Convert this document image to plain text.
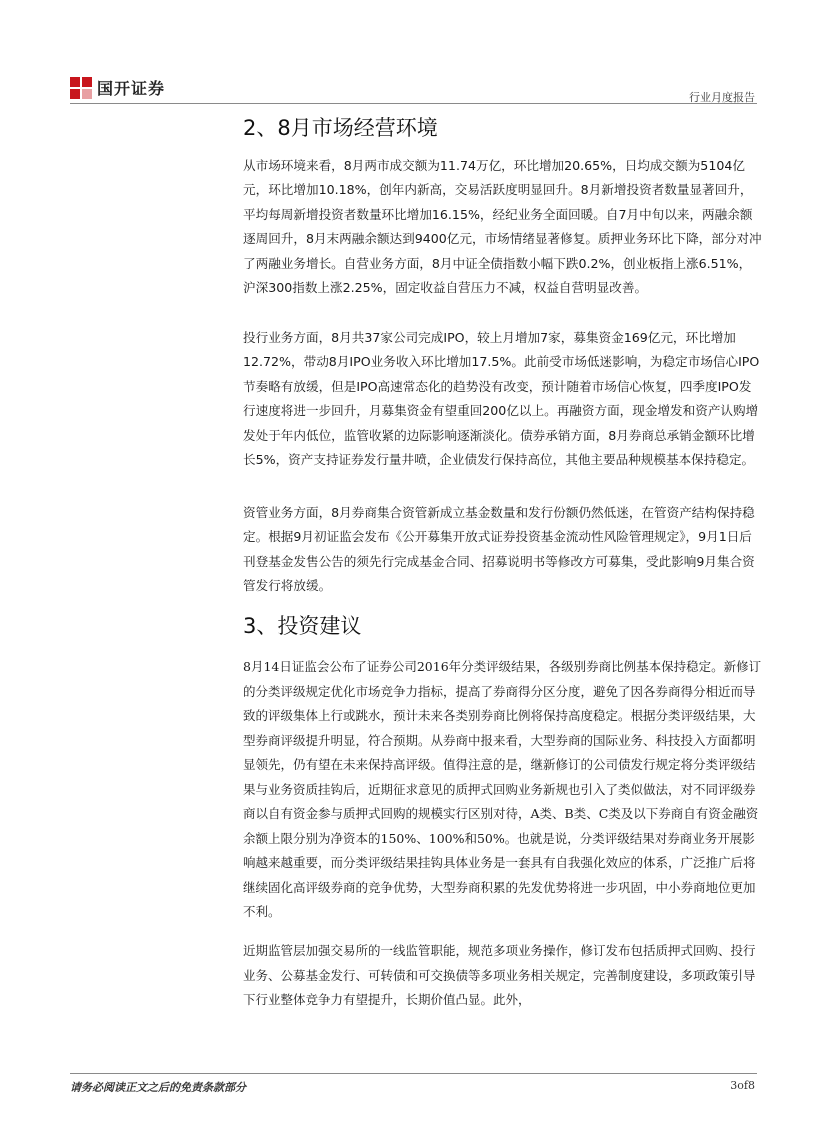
国开证券	行业月度报告
2、8月市场经营环境

从市场环境来看，8月两市成交额为11.74万亿，环比增加20.65%，日均成交额为5104亿元，环比增加10.18%，创年内新高，交易活跃度明显回升。8月新增投资者数量显著回升，平均每周新增投资者数量环比增加16.15%，经纪业务全面回暖。自7月中旬以来，两融余额逐周回升，8月末两融余额达到9400亿元，市场情绪显著修复。质押业务环比下降，部分对冲了两融业务增长。自营业务方面，8月中证全债指数小幅下跌0.2%，创业板指上涨6.51%，沪深300指数上涨2.25%，固定收益自营压力不减，权益自营明显改善。

投行业务方面，8月共37家公司完成IPO，较上月增加7家，募集资金169亿元，环比增加12.72%，带动8月IPO业务收入环比增加17.5%。此前受市场低迷影响，为稳定市场信心IPO节奏略有放缓，但是IPO高速常态化的趋势没有改变，预计随着市场信心恢复，四季度IPO发行速度将进一步回升，月募集资金有望重回200亿以上。再融资方面，现金增发和资产认购增发处于年内低位，监管收紧的边际影响逐渐淡化。债券承销方面，8月券商总承销金额环比增长5%，资产支持证券发行量井喷，企业债发行保持高位，其他主要品种规模基本保持稳定。

资管业务方面，8月券商集合资管新成立基金数量和发行份额仍然低迷，在管资产结构保持稳定。根据9月初证监会发布《公开募集开放式证券投资基金流动性风险管理规定》，9月1日后刊登基金发售公告的须先行完成基金合同、招募说明书等修改方可募集，受此影响9月集合资管发行将放缓。

3、投资建议

8月14日证监会公布了证券公司2016年分类评级结果，各级别券商比例基本保持稳定。新修订的分类评级规定优化市场竞争力指标，提高了券商得分区分度，避免了因各券商得分相近而导致的评级集体上行或跳水，预计未来各类别券商比例将保持高度稳定。根据分类评级结果，大型券商评级提升明显，符合预期。从券商中报来看，大型券商的国际业务、科技投入方面都明显领先，仍有望在未来保持高评级。值得注意的是，继新修订的公司债发行规定将分类评级结果与业务资质挂钩后，近期征求意见的质押式回购业务新规也引入了类似做法，对不同评级券商以自有资金参与质押式回购的规模实行区别对待，A类、B类、C类及以下券商自有资金融资余额上限分别为净资本的150%、100%和50%。也就是说，分类评级结果对券商业务开展影响越来越重要，而分类评级结果挂钩具体业务是一套具有自我强化效应的体系，广泛推广后将继续固化高评级券商的竞争优势，大型券商积累的先发优势将进一步巩固，中小券商地位更加不利。

近期监管层加强交易所的一线监管职能，规范多项业务操作，修订发布包括质押式回购、投行业务、公募基金发行、可转债和可交换债等多项业务相关规定，完善制度建设，多项政策引导下行业整体竞争力有望提升，长期价值凸显。此外，

请务必阅读正文之后的免责条款部分	3of8
